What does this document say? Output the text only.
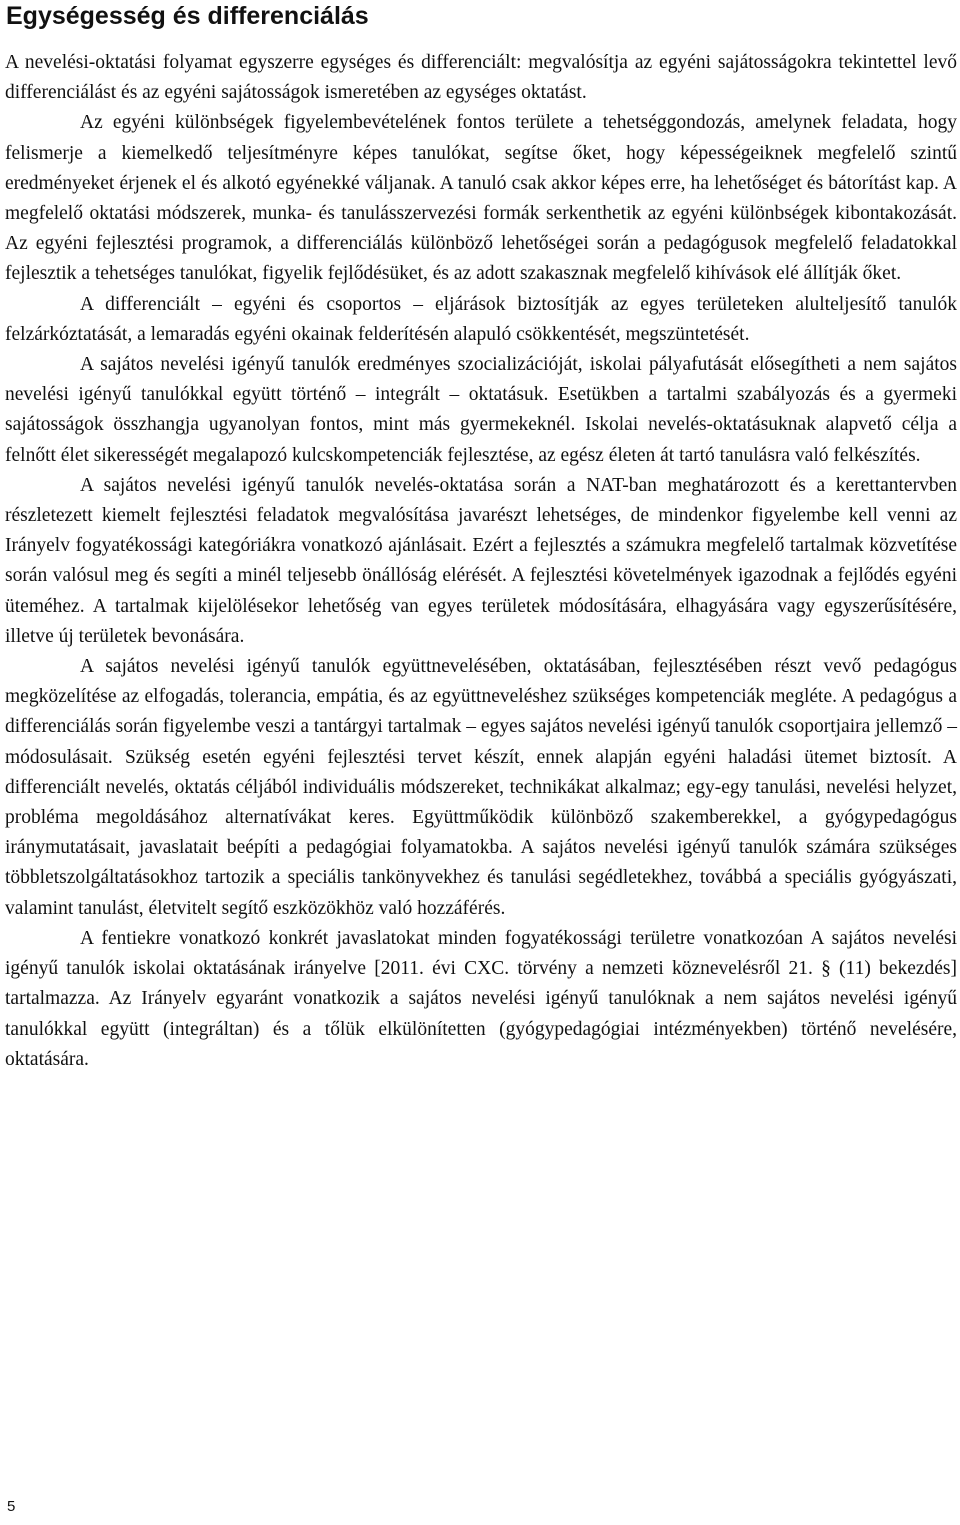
Egységesség és differenciálás

A nevelési-oktatási folyamat egyszerre egységes és differenciált: megvalósítja az egyéni sajátosságokra tekintettel levő differenciálást és az egyéni sajátosságok ismeretében az egységes oktatást.

Az egyéni különbségek figyelembevételének fontos területe a tehetséggondozás, amelynek feladata, hogy felismerje a kiemelkedő teljesítményre képes tanulókat, segítse őket, hogy képességeiknek megfelelő szintű eredményeket érjenek el és alkotó egyénekké váljanak. A tanuló csak akkor képes erre, ha lehetőséget és bátorítást kap. A megfelelő oktatási módszerek, munka- és tanulásszervezési formák serkenthetik az egyéni különbségek kibontakozását. Az egyéni fejlesztési programok, a differenciálás különböző lehetőségei során a pedagógusok megfelelő feladatokkal fejlesztik a tehetséges tanulókat, figyelik fejlődésüket, és az adott szakasznak megfelelő kihívások elé állítják őket.

A differenciált – egyéni és csoportos – eljárások biztosítják az egyes területeken alulteljesítő tanulók felzárkóztatását, a lemaradás egyéni okainak felderítésén alapuló csökkentését, megszüntetését.

A sajátos nevelési igényű tanulók eredményes szocializációját, iskolai pályafutását elősegítheti a nem sajátos nevelési igényű tanulókkal együtt történő – integrált – oktatásuk. Esetükben a tartalmi szabályozás és a gyermeki sajátosságok összhangja ugyanolyan fontos, mint más gyermekeknél. Iskolai nevelés-oktatásuknak alapvető célja a felnőtt élet sikerességét megalapozó kulcskompetenciák fejlesztése, az egész életen át tartó tanulásra való felkészítés.

A sajátos nevelési igényű tanulók nevelés-oktatása során a NAT-ban meghatározott és a kerettantervben részletezett kiemelt fejlesztési feladatok megvalósítása javarészt lehetséges, de mindenkor figyelembe kell venni az Irányelv fogyatékossági kategóriákra vonatkozó ajánlásait. Ezért a fejlesztés a számukra megfelelő tartalmak közvetítése során valósul meg és segíti a minél teljesebb önállóság elérését. A fejlesztési követelmények igazodnak a fejlődés egyéni üteméhez. A tartalmak kijelölésekor lehetőség van egyes területek módosítására, elhagyására vagy egyszerűsítésére, illetve új területek bevonására.

A sajátos nevelési igényű tanulók együttnevelésében, oktatásában, fejlesztésében részt vevő pedagógus megközelítése az elfogadás, tolerancia, empátia, és az együttneveléshez szükséges kompetenciák megléte. A pedagógus a differenciálás során figyelembe veszi a tantárgyi tartalmak – egyes sajátos nevelési igényű tanulók csoportjaira jellemző – módosulásait. Szükség esetén egyéni fejlesztési tervet készít, ennek alapján egyéni haladási ütemet biztosít. A differenciált nevelés, oktatás céljából individuális módszereket, technikákat alkalmaz; egy-egy tanulási, nevelési helyzet, probléma megoldásához alternatívákat keres. Együttműködik különböző szakemberekkel, a gyógypedagógus iránymutatásait, javaslatait beépíti a pedagógiai folyamatokba. A sajátos nevelési igényű tanulók számára szükséges többletszolgáltatásokhoz tartozik a speciális tankönyvekhez és tanulási segédletekhez, továbbá a speciális gyógyászati, valamint tanulást, életvitelt segítő eszközökhöz való hozzáférés.

A fentiekre vonatkozó konkrét javaslatokat minden fogyatékossági területre vonatkozóan A sajátos nevelési igényű tanulók iskolai oktatásának irányelve [2011. évi CXC. törvény a nemzeti köznevelésről 21. § (11) bekezdés] tartalmazza. Az Irányelv egyaránt vonatkozik a sajátos nevelési igényű tanulóknak a nem sajátos nevelési igényű tanulókkal együtt (integráltan) és a tőlük elkülönítetten (gyógypedagógiai intézményekben) történő nevelésére, oktatására.

5
